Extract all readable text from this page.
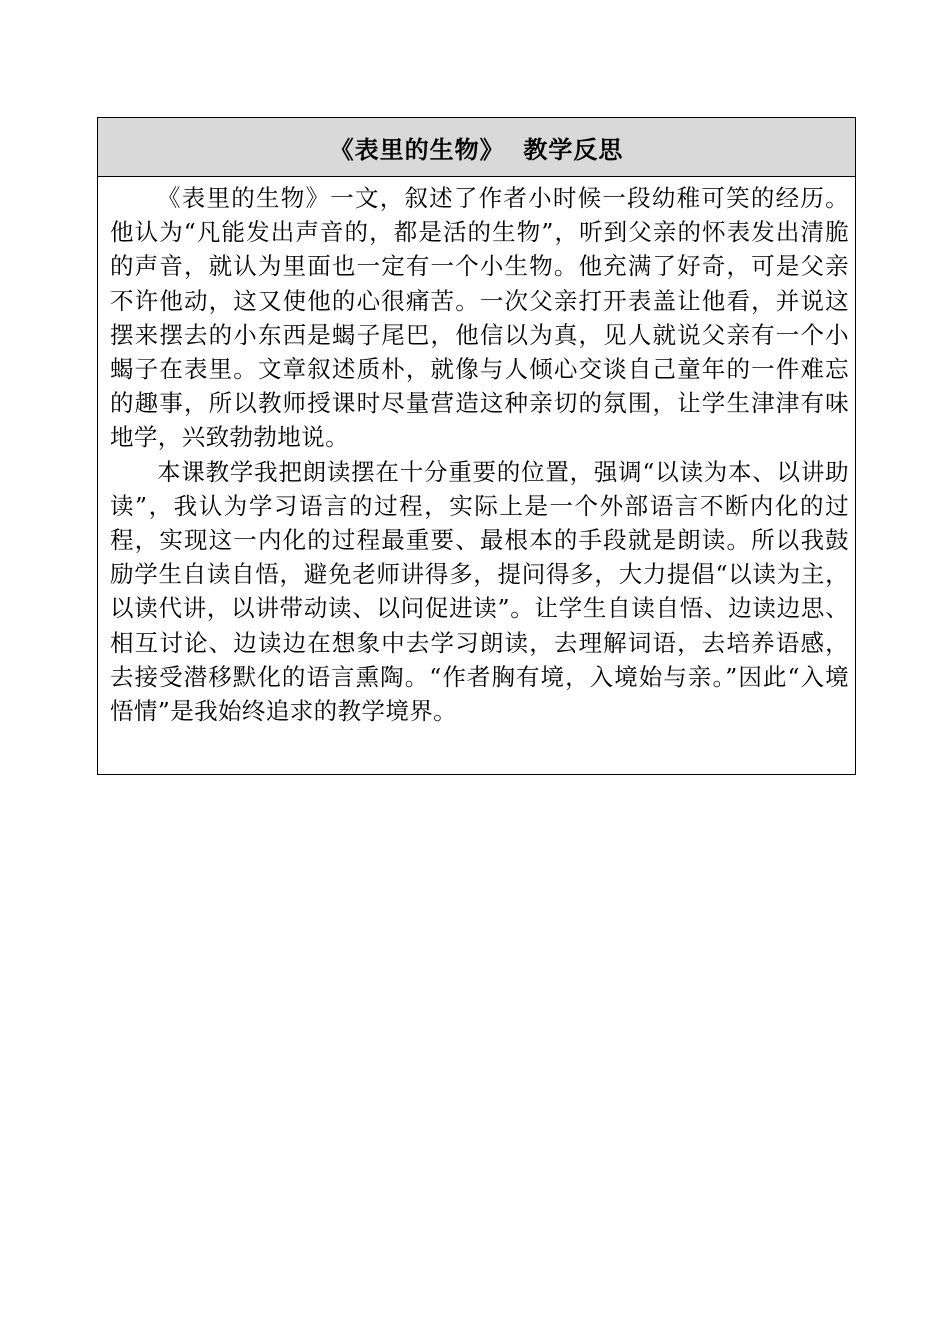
《表里的生物》  教学反思

《表里的生物》一文，叙述了作者小时候一段幼稚可笑的经历。他认为“凡能发出声音的，都是活的生物”，听到父亲的怀表发出清脆的声音，就认为里面也一定有一个小生物。他充满了好奇，可是父亲不许他动，这又使他的心很痛苦。一次父亲打开表盖让他看，并说这摆来摆去的小东西是蝎子尾巴，他信以为真，见人就说父亲有一个小蝎子在表里。文章叙述质朴，就像与人倾心交谈自己童年的一件难忘的趣事，所以教师授课时尽量营造这种亲切的氛围，让学生津津有味地学，兴致勃勃地说。

本课教学我把朗读摆在十分重要的位置，强调“以读为本、以讲助读”，我认为学习语言的过程，实际上是一个外部语言不断内化的过程，实现这一内化的过程最重要、最根本的手段就是朗读。所以我鼓励学生自读自悟，避免老师讲得多，提问得多，大力提倡“以读为主，以读代讲，以讲带动读、以问促进读”。让学生自读自悟、边读边思、相互讨论、边读边在想象中去学习朗读，去理解词语，去培养语感，去接受潜移默化的语言熏陶。“作者胸有境，入境始与亲。”因此“入境悟情”是我始终追求的教学境界。
